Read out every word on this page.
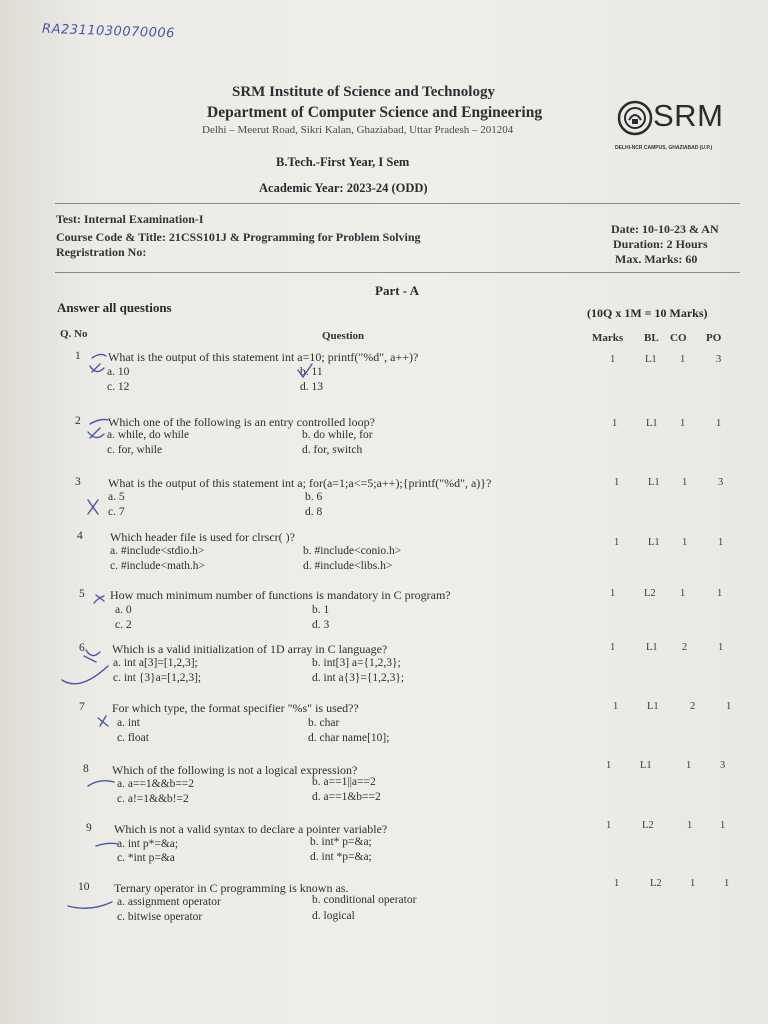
RA2311030070006
SRM Institute of Science and Technology
Department of Computer Science and Engineering
Delhi – Meerut Road, Sikri Kalan, Ghaziabad, Uttar Pradesh – 201204	SRM
DELHI-NCR CAMPUS, GHAZIABAD (U.P.)
B.Tech.-First Year, I Sem
Academic Year: 2023-24 (ODD)
Test: Internal Examination-I
Course Code & Title: 21CSS101J & Programming for Problem Solving
Regristration No:
Date: 10-10-23 & AN
Duration: 2 Hours
Max. Marks: 60
Part - A
Answer all questions	(10Q x 1M = 10 Marks)
Q. No	Question	Marks BL CO PO
1 What is the output of this statement int a=10; printf("%d", a++)?
a. 10	b. 11
c. 12	d. 13
1	L1 1	3
2 Which one of the following is an entry controlled loop?
a. while, do while	b. do while, for
c. for, while	d. for, switch
1	L1 1	1
3 What is the output of this statement int a; for(a=1;a<=5;a++);{printf("%d", a)}?
a. 5	b. 6
c. 7	d. 8
1	L1 1	3
4 Which header file is used for clrscr( )?
a. #include<stdio.h>	b. #include<conio.h>
c. #include<math.h>	d. #include<libs.h>
1	L1 1	1
5 How much minimum number of functions is mandatory in C program?
a. 0	b. 1
c. 2	d. 3
1	L2 1	1
6 Which is a valid initialization of 1D array in C language?
a. int a[3]=[1,2,3];	b. int[3] a={1,2,3};
c. int {3}a=[1,2,3];	d. int a{3}={1,2,3};
1	L1 2	1
7 For which type, the format specifier "%s" is used??
a. int	b. char
c. float	d. char name[10];
1	L1	2	1
8 Which of the following is not a logical expression?
a. a==1&&b==2	b. a==1||a==2
c. a!=1&&b!=2	d. a==1&b==2
1	L1	1	3
9 Which is not a valid syntax to declare a pointer variable?
a. int p*=&a;	b. int* p=&a;
c. *int p=&a	d. int *p=&a;
1	L2	1	1
10 Ternary operator in C programming is known as.
a. assignment operator	b. conditional operator
c. bitwise operator	d. logical
1	L2	1	1
